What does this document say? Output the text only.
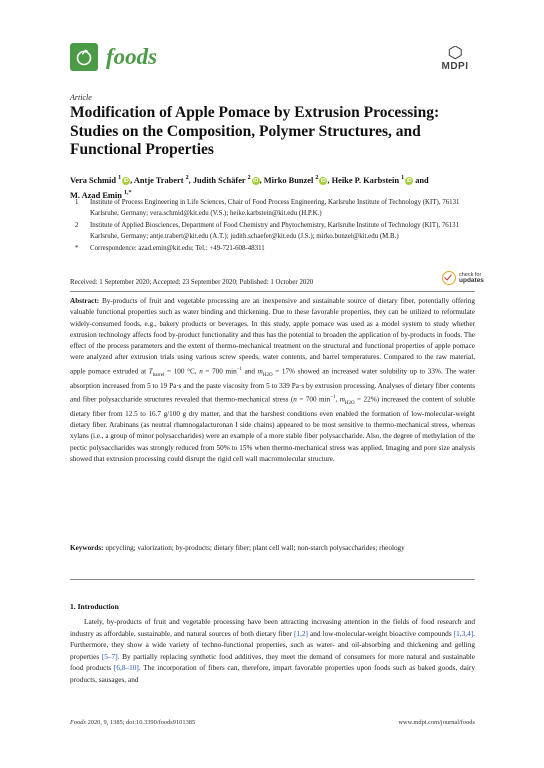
foods	MDPI
Article
Modification of Apple Pomace by Extrusion Processing: Studies on the Composition, Polymer Structures, and Functional Properties
Vera Schmid $^1$ iD , Antje Trabert $^2$, Judith Schäfer $^2$ iD , Mirko Bunzel $^2$ iD , Heike P. Karbstein $^1$ iD and
M. Azad Emin $^{1,*}$
1 Institute of Process Engineering in Life Sciences, Chair of Food Process Engineering, Karlsruhe Institute of Technology (KIT), 76131 Karlsruhe, Germany; vera.schmid@kit.edu (V.S.); heike.karbstein@kit.edu (H.P.K.)
2 Institute of Applied Biosciences, Department of Food Chemistry and Phytochemistry, Karlsruhe Institute of Technology (KIT), 76131 Karlsruhe, Germany; antje.trabert@kit.edu (A.T.); judith.schaefer@kit.edu (J.S.); mirko.bunzel@kit.edu (M.B.)
* Correspondence: azad.emin@kit.edu; Tel.: +49-721-608-48311
check for
updates
Received: 1 September 2020; Accepted: 23 September 2020; Published: 1 October 2020
Abstract: By-products of fruit and vegetable processing are an inexpensive and sustainable source of dietary fiber, potentially offering valuable functional properties such as water binding and thickening. Due to these favorable properties, they can be utilized to reformulate widely-consumed foods, e.g., bakery products or beverages. In this study, apple pomace was used as a model system to study whether extrusion technology affects food by-product functionality and thus has the potential to broaden the application of by-products in foods. The effect of the process parameters and the extent of thermo-mechanical treatment on the structural and functional properties of apple pomace were analyzed after extrusion trials using various screw speeds, water contents, and barrel temperatures. Compared to the raw material, apple pomace extruded at $T_{barrel} = 100$ °C, n = 700 $\min^{-1}$ and $m_{H2O} = 17\%$ showed an increased water solubility up to 33%. The water absorption increased from 5 to 19 Pa·s and the paste viscosity from 5 to 339 Pa·s by extrusion processing. Analyses of dietary fiber contents and fiber polysaccharide structures revealed that thermo-mechanical stress (n = 700 $\min^{-1}$, $m_{H2O} = 22\%$) increased the content of soluble dietary fiber from 12.5 to 16.7 g/100 g dry matter, and that the harshest conditions even enabled the formation of low-molecular-weight dietary fiber. Arabinans (as neutral rhamnogalacturonan I side chains) appeared to be most sensitive to thermo-mechanical stress, whereas xylans (i.e., a group of minor polysaccharides) were an example of a more stable fiber polysaccharide. Also, the degree of methylation of the pectic polysaccharides was strongly reduced from 50% to 15% when thermo-mechanical stress was applied. Imaging and pore size analysis showed that extrusion processing could disrupt the rigid cell wall macromolecular structure.
Keywords: upcycling; valorization; by-products; dietary fiber; plant cell wall; non-starch polysaccharides; rheology
1. Introduction
Lately, by-products of fruit and vegetable processing have been attracting increasing attention in the fields of food research and industry as affordable, sustainable, and natural sources of both dietary fiber [1,2] and low-molecular-weight bioactive compounds [1,3,4]. Furthermore, they show a wide variety of techno-functional properties, such as water- and oil-absorbing and thickening and gelling properties [5–7]. By partially replacing synthetic food additives, they meet the demand of consumers for more natural and sustainable food products [6,8–10]. The incorporation of fibers can, therefore, impart favorable properties upon foods such as baked goods, dairy products, sausages, and
Foods 2020, 9, 1385; doi:10.3390/foods9101385	www.mdpi.com/journal/foods
